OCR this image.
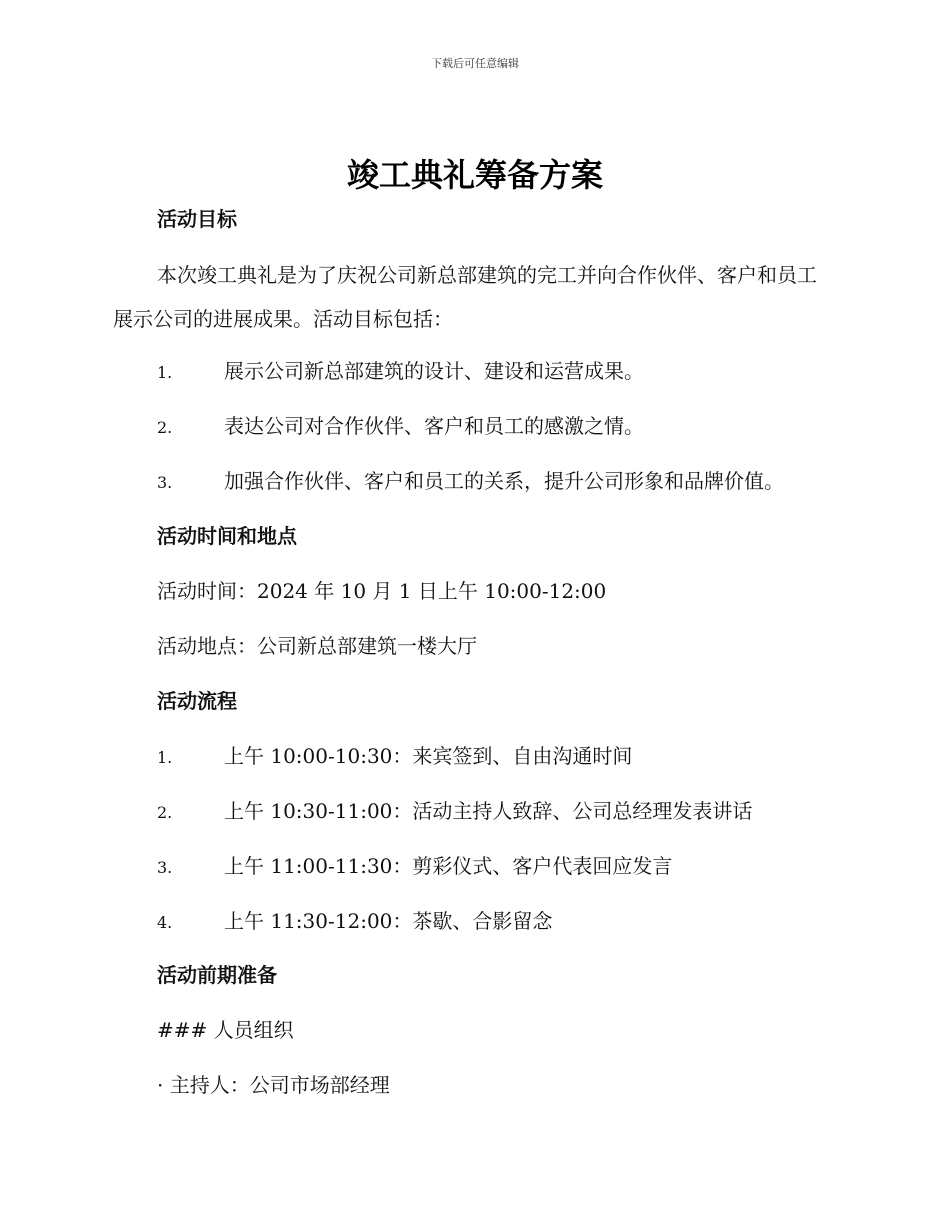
下载后可任意编辑
竣工典礼筹备方案
活动目标
本次竣工典礼是为了庆祝公司新总部建筑的完工并向合作伙伴、客户和员工展示公司的进展成果。活动目标包括：
1.	展示公司新总部建筑的设计、建设和运营成果。
2.	表达公司对合作伙伴、客户和员工的感激之情。
3.	加强合作伙伴、客户和员工的关系，提升公司形象和品牌价值。
活动时间和地点
活动时间：2024 年 10 月 1 日上午 10:00-12:00
活动地点：公司新总部建筑一楼大厅
活动流程
1.	上午 10:00-10:30：来宾签到、自由沟通时间
2.	上午 10:30-11:00：活动主持人致辞、公司总经理发表讲话
3.	上午 11:00-11:30：剪彩仪式、客户代表回应发言
4.	上午 11:30-12:00：茶歇、合影留念
活动前期准备
### 人员组织
· 主持人：公司市场部经理
